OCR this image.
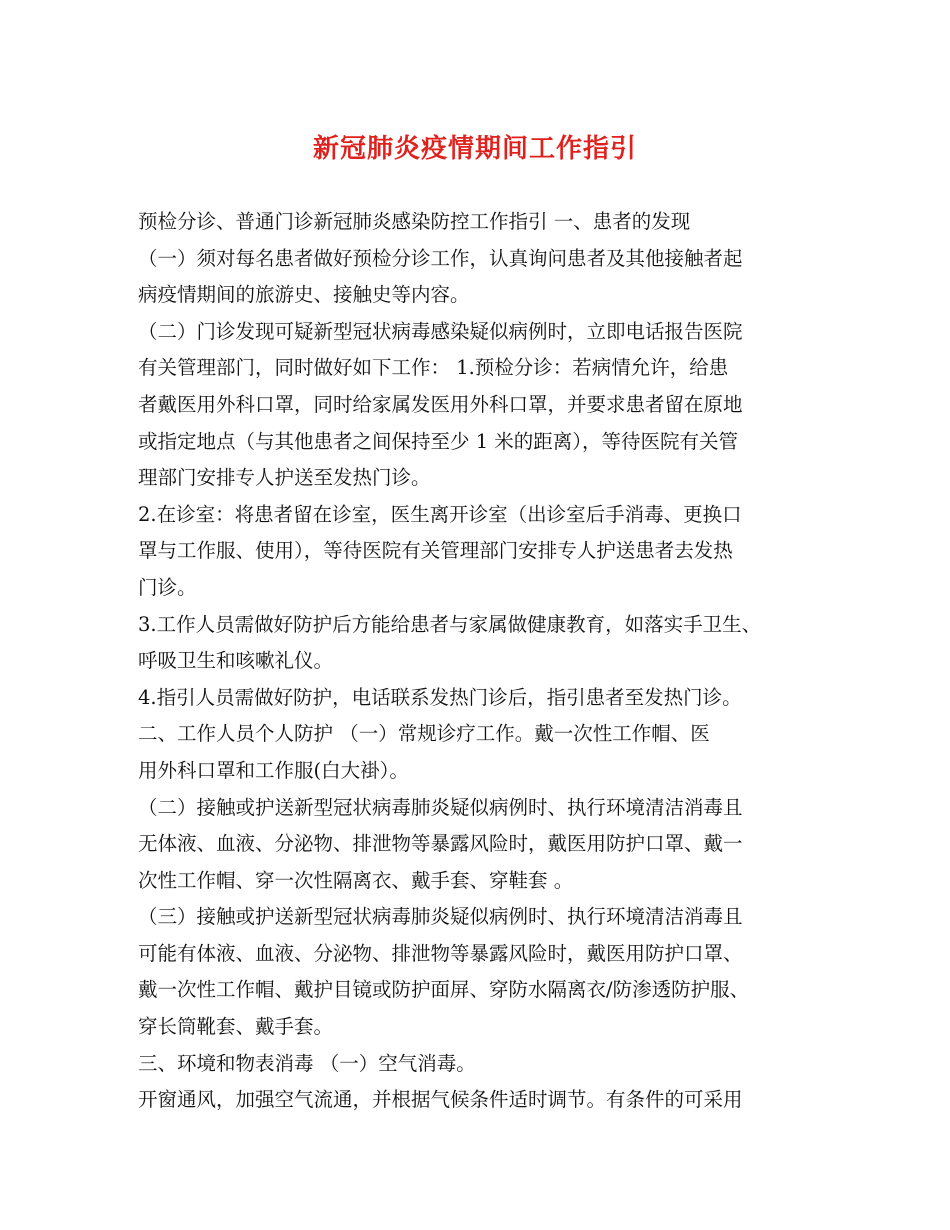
新冠肺炎疫情期间工作指引
预检分诊、普通门诊新冠肺炎感染防控工作指引 一、患者的发现
（一）须对每名患者做好预检分诊工作，认真询问患者及其他接触者起
病疫情期间的旅游史、接触史等内容。
（二）门诊发现可疑新型冠状病毒感染疑似病例时，立即电话报告医院
有关管理部门，同时做好如下工作： 1.预检分诊：若病情允许，给患
者戴医用外科口罩，同时给家属发医用外科口罩，并要求患者留在原地
或指定地点（与其他患者之间保持至少 1 米的距离），等待医院有关管
理部门安排专人护送至发热门诊。
2.在诊室：将患者留在诊室，医生离开诊室（出诊室后手消毒、更换口
罩与工作服、使用），等待医院有关管理部门安排专人护送患者去发热
门诊。
3.工作人员需做好防护后方能给患者与家属做健康教育，如落实手卫生、
呼吸卫生和咳嗽礼仪。
4.指引人员需做好防护，电话联系发热门诊后，指引患者至发热门诊。
二、工作人员个人防护 （一）常规诊疗工作。戴一次性工作帽、医
用外科口罩和工作服(白大褂）。
（二）接触或护送新型冠状病毒肺炎疑似病例时、执行环境清洁消毒且
无体液、血液、分泌物、排泄物等暴露风险时，戴医用防护口罩、戴一
次性工作帽、穿一次性隔离衣、戴手套、穿鞋套 。
（三）接触或护送新型冠状病毒肺炎疑似病例时、执行环境清洁消毒且
可能有体液、血液、分泌物、排泄物等暴露风险时，戴医用防护口罩、
戴一次性工作帽、戴护目镜或防护面屏、穿防水隔离衣/防渗透防护服、
穿长筒靴套、戴手套。
三、环境和物表消毒 （一）空气消毒。
开窗通风，加强空气流通，并根据气候条件适时调节。有条件的可采用
